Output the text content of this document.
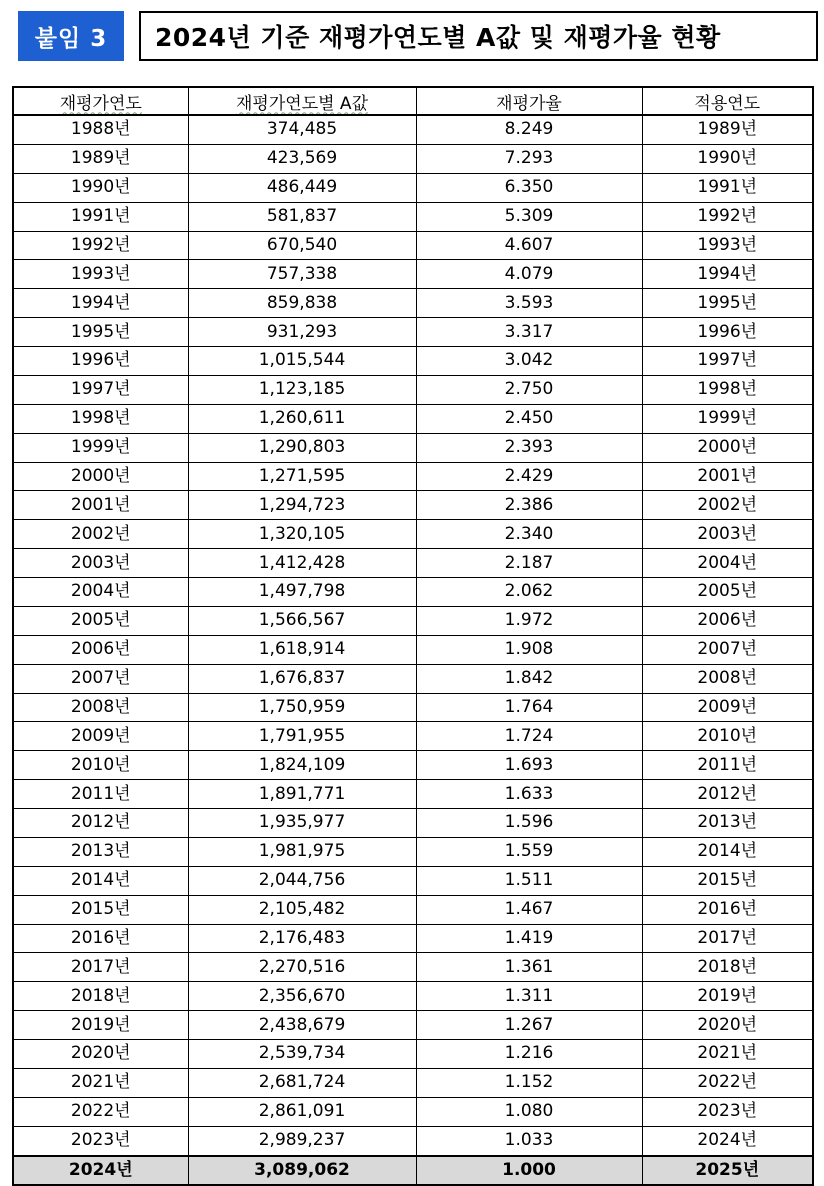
붙임 3	2024년 기준 재평가연도별 A값 및 재평가율 현황
재평가연도	재평가연도별 A값	재평가율	적용연도
1988년	374,485	8.249	1989년
1989년	423,569	7.293	1990년
1990년	486,449	6.350	1991년
1991년	581,837	5.309	1992년
1992년	670,540	4.607	1993년
1993년	757,338	4.079	1994년
1994년	859,838	3.593	1995년
1995년	931,293	3.317	1996년
1996년	1,015,544	3.042	1997년
1997년	1,123,185	2.750	1998년
1998년	1,260,611	2.450	1999년
1999년	1,290,803	2.393	2000년
2000년	1,271,595	2.429	2001년
2001년	1,294,723	2.386	2002년
2002년	1,320,105	2.340	2003년
2003년	1,412,428	2.187	2004년
2004년	1,497,798	2.062	2005년
2005년	1,566,567	1.972	2006년
2006년	1,618,914	1.908	2007년
2007년	1,676,837	1.842	2008년
2008년	1,750,959	1.764	2009년
2009년	1,791,955	1.724	2010년
2010년	1,824,109	1.693	2011년
2011년	1,891,771	1.633	2012년
2012년	1,935,977	1.596	2013년
2013년	1,981,975	1.559	2014년
2014년	2,044,756	1.511	2015년
2015년	2,105,482	1.467	2016년
2016년	2,176,483	1.419	2017년
2017년	2,270,516	1.361	2018년
2018년	2,356,670	1.311	2019년
2019년	2,438,679	1.267	2020년
2020년	2,539,734	1.216	2021년
2021년	2,681,724	1.152	2022년
2022년	2,861,091	1.080	2023년
2023년	2,989,237	1.033	2024년
2024년	3,089,062	1.000	2025년
